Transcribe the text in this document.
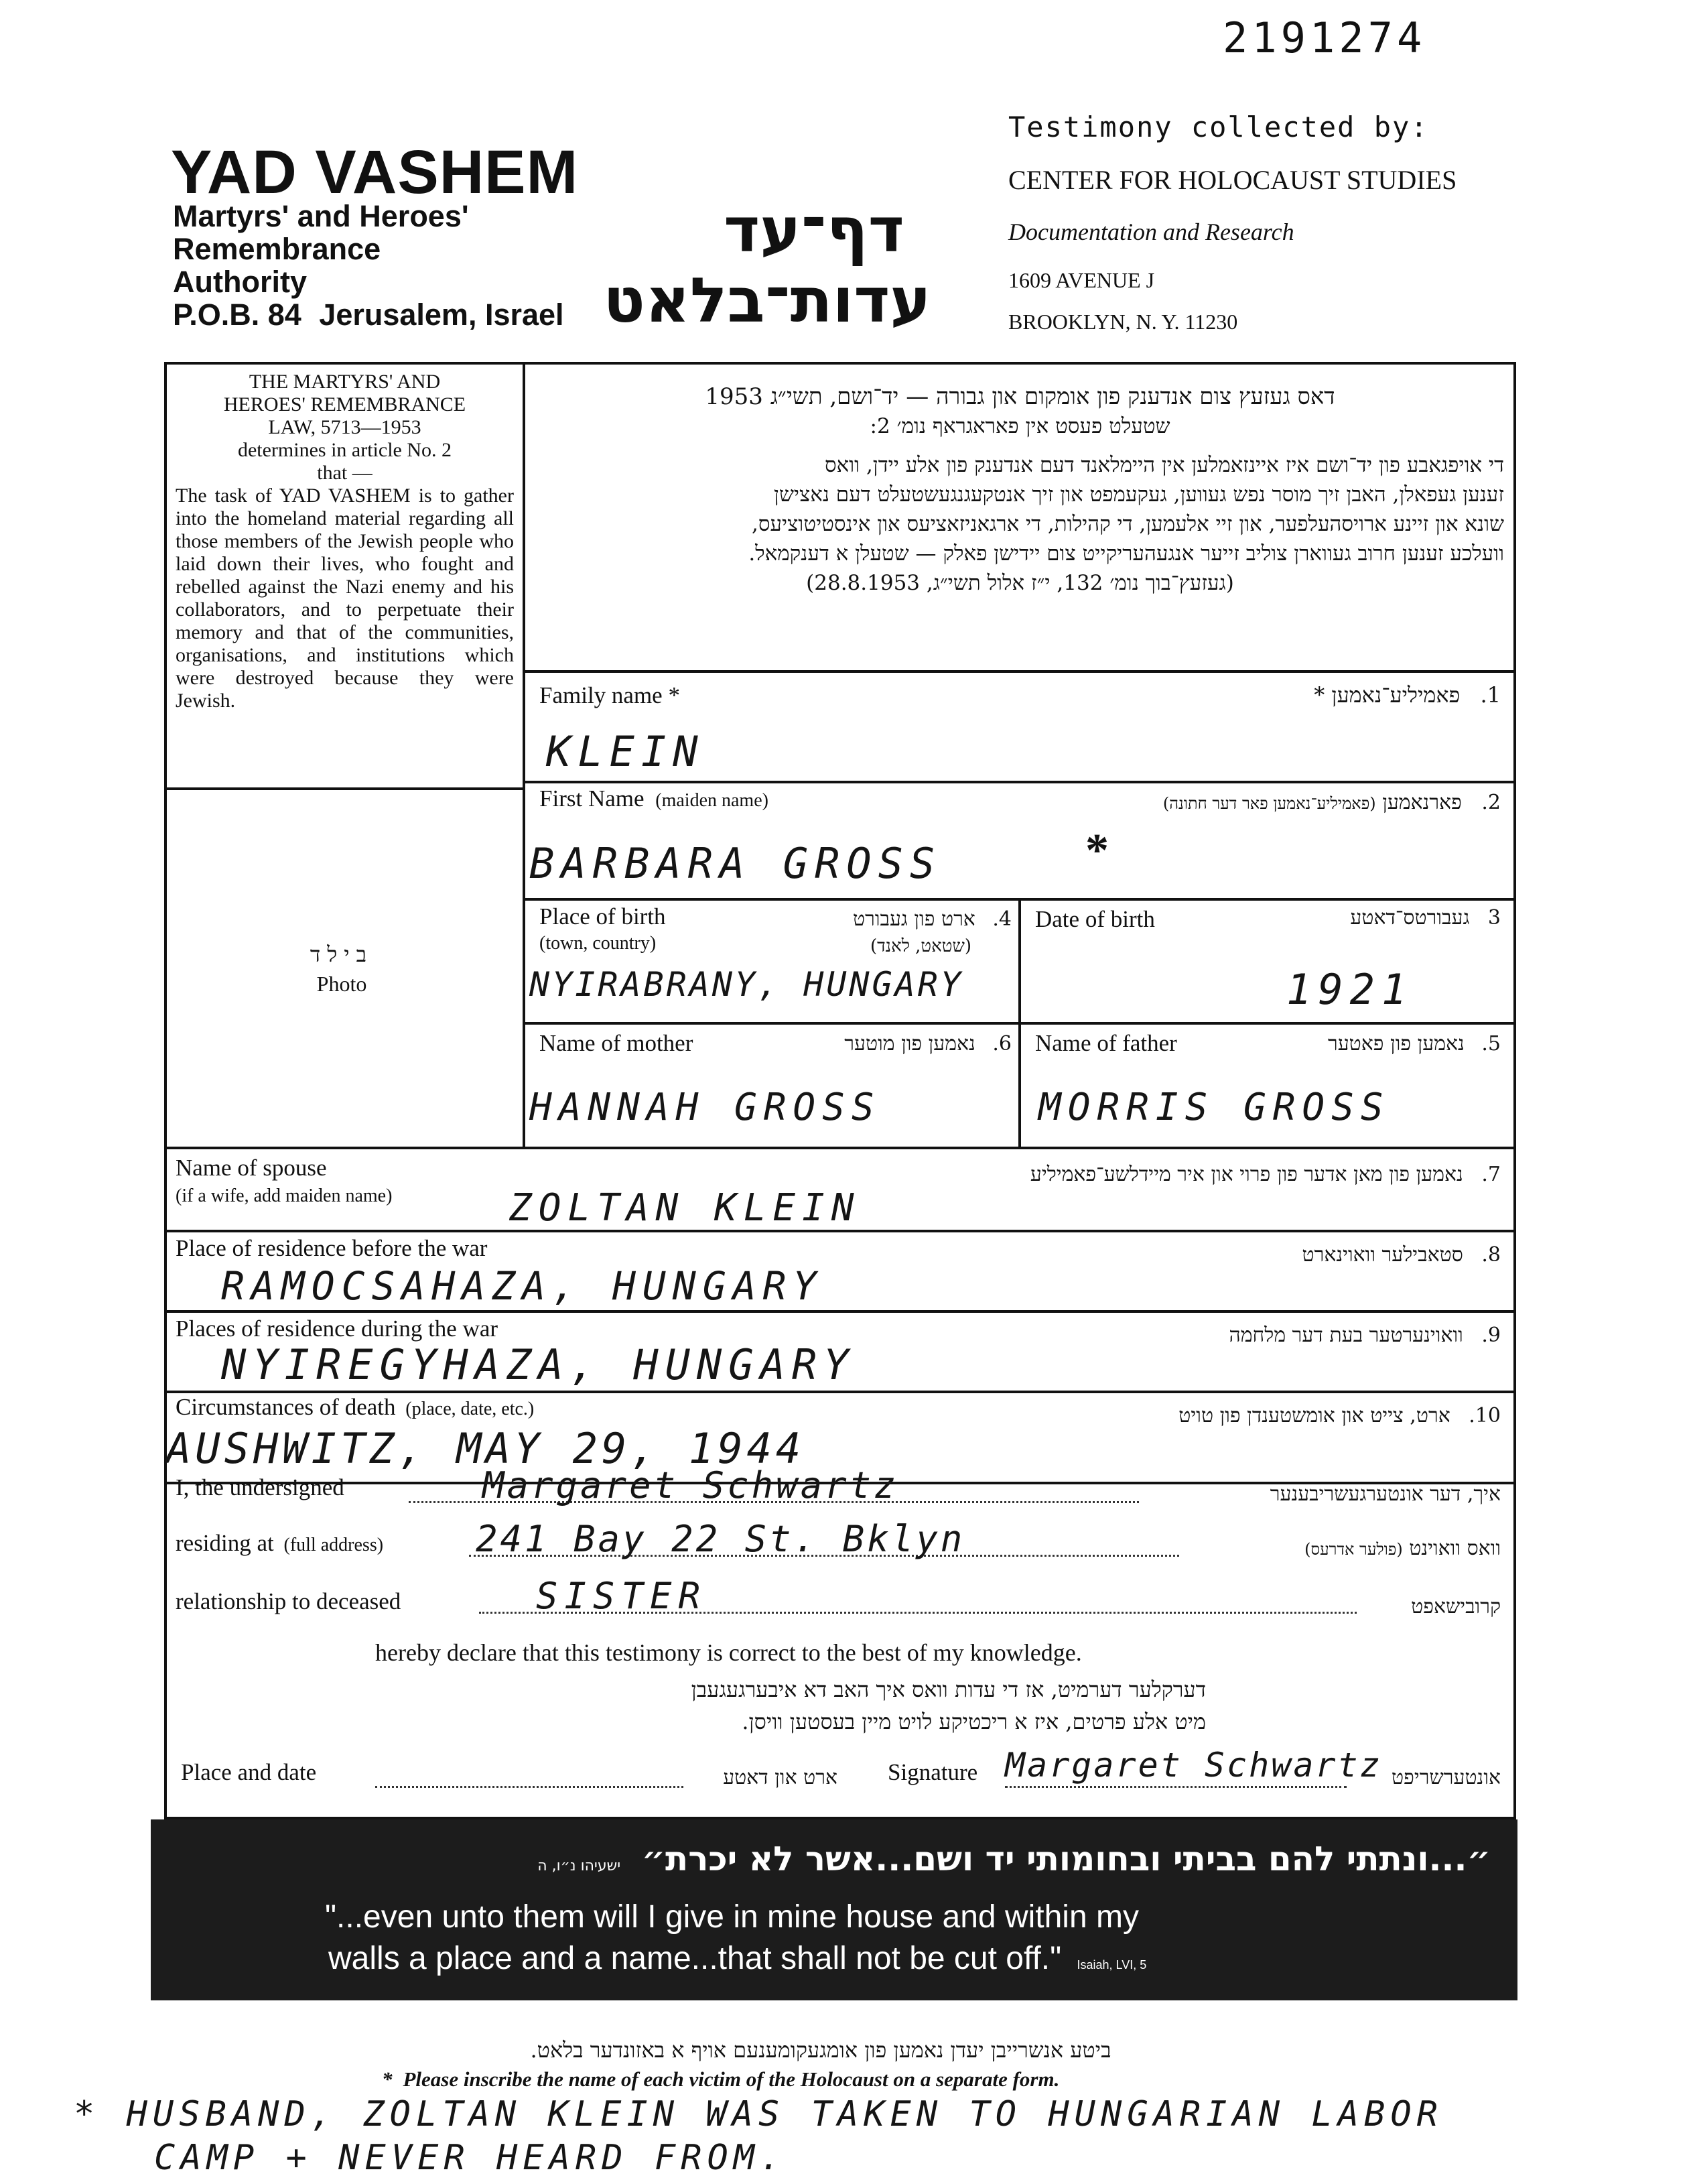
2191274
YAD VASHEM
Martyrs' and Heroes'
Remembrance
Authority
P.O.B. 84 Jerusalem, Israel
דף־עד
עדות־בלאט
Testimony collected by:
CENTER FOR HOLOCAUST STUDIES
Documentation and Research
1609 AVENUE J
BROOKLYN, N. Y. 11230
THE MARTYRS' AND
HEROES' REMEMBRANCE
LAW, 5713—1953
determines in article No. 2
that —
The task of YAD VASHEM is to gather into the homeland material regarding all those members of the Jewish people who laid down their lives, who fought and rebelled against the Nazi enemy and his collaborators, and to perpetuate their memory and that of the communities, organisations, and institutions which were destroyed because they were Jewish.
בילד
Photo
דאס געזעץ צום אנדענק פון אומקום און גבורה — יד־ושם, תשי״ג 1953
שטעלט פעסט אין פאראגראף נומ׳ 2:
די אויפגאבע פון יד־ושם איז איינזאמלען אין היימלאנד דעם אנדענק פון אלע יידן, וואס
זענען געפאלן, האבן זיך מוסר נפש געווען, געקעמפט און זיך אנטקעגנגעשטעלט דעם נאצישן
שונא און זיינע ארויסהעלפער, און זיי אלעמען, די קהילות, די ארגאניזאציעס און אינסטיטוציעס,
וועלכע זענען חרוב געווארן צוליב זייער אנגעהעריקייט צום יידישן פאלק — שטעלן א דענקמאל.
(געזעץ־בוך נומ׳ 132, י״ז אלול תשי״ג, 28.8.1953)
Family name *	1. פאמיליע־נאמען *
KLEIN
First Name (maiden name)	2. פארנאמען (פאמיליע־נאמען פאר דער חתונה)
BARBARA GROSS	*
Place of birth
(town, country)
4. ארט פון געבורט
(שטאט, לאנד)
NYIRABRANY, HUNGARY
Date of birth	3 געבורטס־דאטע
1921
Name of mother	6. נאמען פון מוטער
HANNAH GROSS
Name of father	5. נאמען פון פאטער
MORRIS GROSS
Name of spouse
(if a wife, add maiden name)
7. נאמען פון מאן אדער פון פרוי און איר מיידלשע־פאמיליע
ZOLTAN KLEIN
Place of residence before the war	8. סטאבילער וואוינארט
RAMOCSAHAZA, HUNGARY
Places of residence during the war	9. וואוינערטער בעת דער מלחמה
NYIREGYHAZA, HUNGARY
Circumstances of death (place, date, etc.)	10. ארט, צייט און אומשטענדן פון טויט
AUSHWITZ, MAY 29, 1944
I, the undersigned	Margaret Schwartz	איך, דער אונטערגעשריבענער
residing at (full address)	241 Bay 22 St. Bklyn	וואס וואוינט (פולער אדרעס)
relationship to deceased	SISTER	קרובישאפט
hereby declare that this testimony is correct to the best of my knowledge.
דערקלער דערמיט, אז די עדות וואס איך האב דא איבערגעגעבן
מיט אלע פרטים, איז א ריכטיקע לויט מיין בעסטען וויסן.
Place and date	ארט און דאטע Signature Margaret Schwartz אונטערשריפט
״...ונתתי להם בביתי ובחומותי יד ושם...אשר לא יכרת״ ישעיהו נ״ו, ה
"...even unto them will I give in mine house and within my
walls a place and a name...that shall not be cut off." Isaiah, LVI, 5
ביטע אנשרייבן יעדן נאמען פון אומגעקומענעם אויף א באזונדער בלאט.
* Please inscribe the name of each victim of the Holocaust on a separate form.
* HUSBAND, ZOLTAN KLEIN WAS TAKEN TO HUNGARIAN LABOR
CAMP + NEVER HEARD FROM.
